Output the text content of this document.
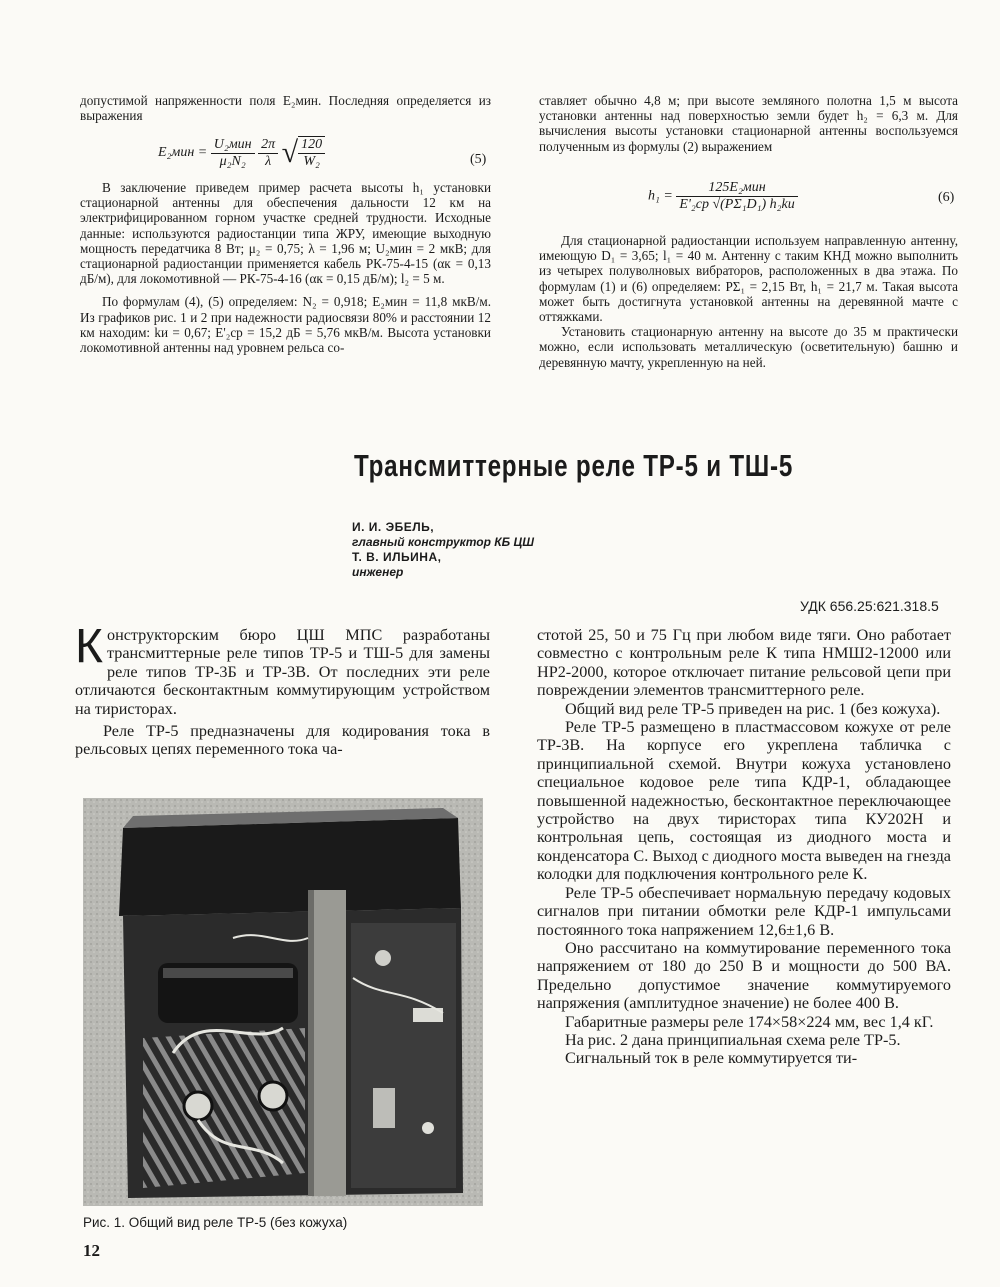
допустимой напряженности поля E₂мин. Последняя определяется из выражения

$E_2мин = \frac{\text{U₂мин}}{\text{μ₂N₂}}$
$\frac{2\pi}{\lambda}$ √ $\frac{120}{\text{W₂}}$	(5)

В заключение приведем пример расчета высоты h₁ установки стационарной антенны для обеспечения дальности 12 км на электрифицированном горном участке средней трудности. Исходные данные: используются радиостанции типа ЖРУ, имеющие выходную мощность передатчика 8 Вт; μ₂ = 0,75; λ = 1,96 м; U₂мин = 2 мкВ; для стационарной радиостанции применяется кабель РК-75-4-15 (αк = 0,13 дБ/м), для локомотивной — РК-75-4-16 (αк = 0,15 дБ/м); l₂ = 5 м.

По формулам (4), (5) определяем: N₂ = 0,918; E₂мин = 11,8 мкВ/м. Из графиков рис. 1 и 2 при надежности радиосвязи 80% и расстоянии 12 км находим: kи = 0,67; E'₂ср = 15,2 дБ = 5,76 мкВ/м. Высота установки локомотивной антенны над уровнем рельса со-

ставляет обычно 4,8 м; при высоте земляного полотна 1,5 м высота установки антенны над поверхностью земли будет h₂ = 6,3 м. Для вычисления высоты установки стационарной антенны воспользуемся полученным из формулы (2) выражением

$h_1 = \frac{\text{125E₂мин}}{\text{E'₂ср √(PΣ₁D₁) h₂kи}}$	(6)

Для стационарной радиостанции используем направленную антенну, имеющую D₁ = 3,65; l₁ = 40 м. Антенну с таким КНД можно выполнить из четырех полуволновых вибраторов, расположенных в два этажа. По формулам (1) и (6) определяем: PΣ₁ = 2,15 Вт, h₁ = 21,7 м. Такая высота может быть достигнута установкой антенны на деревянной мачте с оттяжками.

Установить стационарную антенну на высоте до 35 м практически можно, если использовать металлическую (осветительную) башню и деревянную мачту, укрепленную на ней.

Трансмиттерные реле ТР-5 и ТШ-5
И. И. ЭБЕЛЬ,
главный конструктор КБ ЦШ
Т. В. ИЛЬИНА,
инженер
УДК 656.25:621.318.5

Конструкторским бюро ЦШ МПС разработаны трансмиттерные реле типов ТР-5 и ТШ-5 для замены реле типов ТР-3Б и ТР-3В. От последних эти реле отличаются бесконтактным коммутирующим устройством на тиристорах.

Реле ТР-5 предназначены для кодирования тока в рельсовых цепях переменного тока ча-

Рис. 1. Общий вид реле ТР-5 (без кожуха)
12

стотой 25, 50 и 75 Гц при любом виде тяги. Оно работает совместно с контрольным реле К типа НМШ2-12000 или НР2-2000, которое отключает питание рельсовой цепи при повреждении элементов трансмиттерного реле.

Общий вид реле ТР-5 приведен на рис. 1 (без кожуха).

Реле ТР-5 размещено в пластмассовом кожухе от реле ТР-3В. На корпусе его укреплена табличка с принципиальной схемой. Внутри кожуха установлено специальное кодовое реле типа КДР-1, обладающее повышенной надежностью, бесконтактное переключающее устройство на двух тиристорах типа КУ202Н и контрольная цепь, состоящая из диодного моста и конденсатора С. Выход с диодного моста выведен на гнезда колодки для подключения контрольного реле К.

Реле ТР-5 обеспечивает нормальную передачу кодовых сигналов при питании обмотки реле КДР-1 импульсами постоянного тока напряжением 12,6±1,6 В.

Оно рассчитано на коммутирование переменного тока напряжением от 180 до 250 В и мощности до 500 ВА. Предельно допустимое значение коммутируемого напряжения (амплитудное значение) не более 400 В.

Габаритные размеры реле 174×58×224 мм, вес 1,4 кГ.

На рис. 2 дана принципиальная схема реле ТР-5.

Сигнальный ток в реле коммутируется ти-
